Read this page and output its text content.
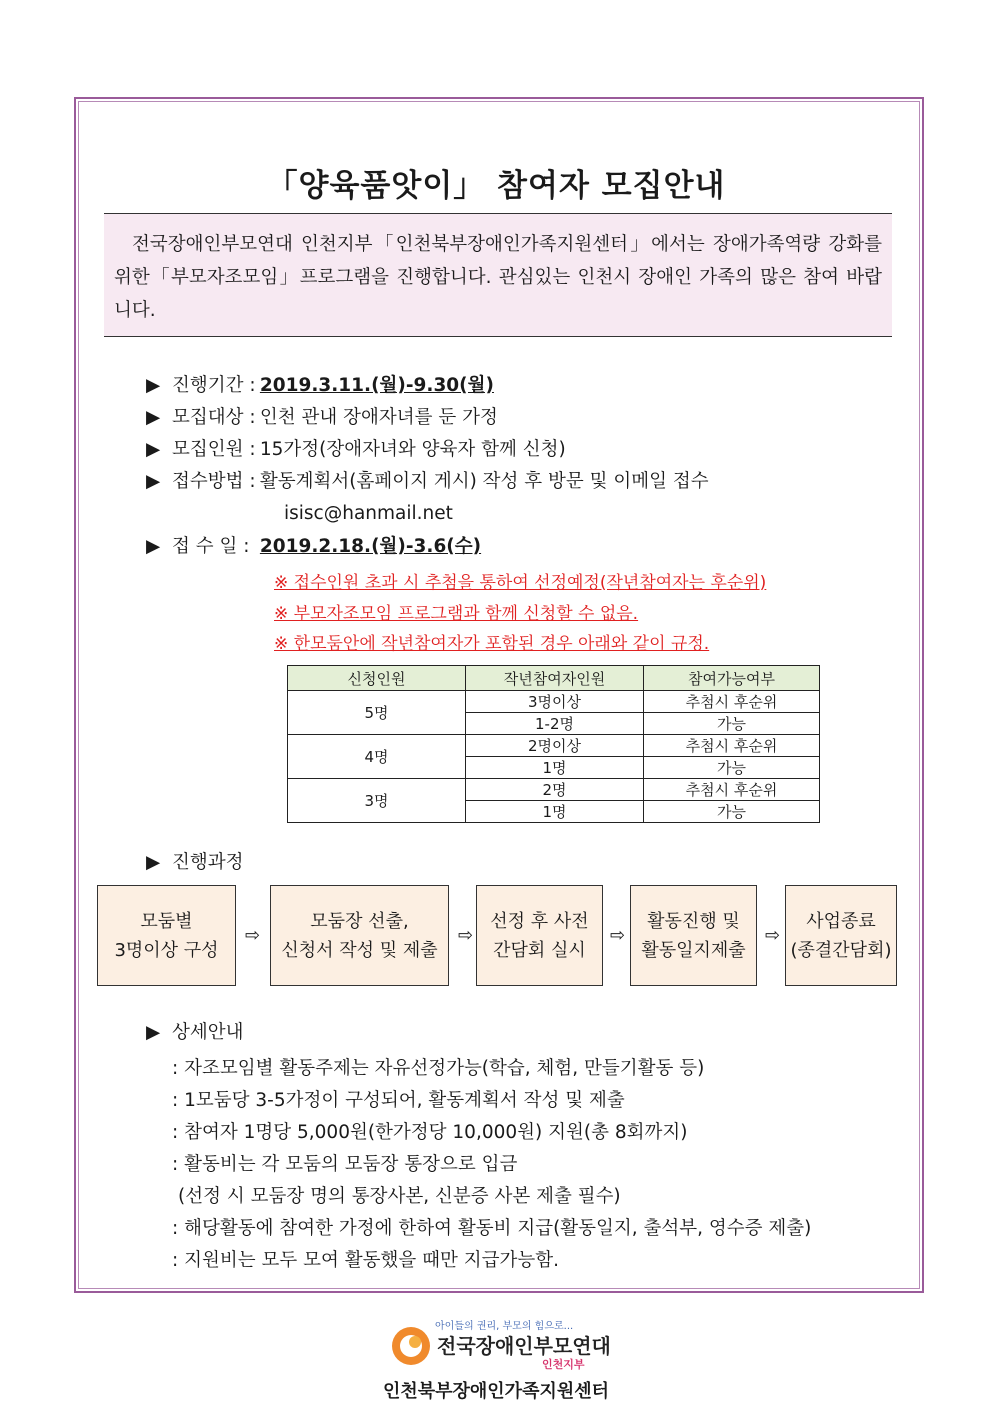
「양육품앗이」 참여자 모집안내
전국장애인부모연대 인천지부「인천북부장애인가족지원센터」에서는 장애가족역량 강화를 위한「부모자조모임」프로그램을 진행합니다. 관심있는 인천시 장애인 가족의 많은 참여 바랍니다.
▶ 진행기간 : 2019.3.11.(월)-9.30(월)
▶ 모집대상 : 인천 관내 장애자녀를 둔 가정
▶ 모집인원 : 15가정(장애자녀와 양육자 함께 신청)
▶ 접수방법 : 활동계획서(홈페이지 게시) 작성 후 방문 및 이메일 접수
isisc@hanmail.net
▶ 접 수 일 : 2019.2.18.(월)-3.6(수)
※ 접수인원 초과 시 추첨을 통하여 선정예정(작년참여자는 후순위)
※ 부모자조모임 프로그램과 함께 신청할 수 없음.
※ 한모둠안에 작년참여자가 포함된 경우 아래와 같이 규정.
신청인원	작년참여자인원	참여가능여부
5명	3명이상	추첨시 후순위
	1-2명	가능
4명	2명이상	추첨시 후순위
	1명	가능
3명	2명	추첨시 후순위
	1명	가능
▶ 진행과정
모둠별
3명이상 구성
⇨
모둠장 선출,
신청서 작성 및 제출
⇨
선정 후 사전
간담회 실시
⇨
활동진행 및
활동일지제출
⇨
사업종료
(종결간담회)
▶ 상세안내
: 자조모임별 활동주제는 자유선정가능(학습, 체험, 만들기활동 등)
: 1모둠당 3-5가정이 구성되어, 활동계획서 작성 및 제출
: 참여자 1명당 5,000원(한가정당 10,000원) 지원(총 8회까지)
: 활동비는 각 모둠의 모둠장 통장으로 입금
(선정 시 모둠장 명의 통장사본, 신분증 사본 제출 필수)
: 해당활동에 참여한 가정에 한하여 활동비 지급(활동일지, 출석부, 영수증 제출)
: 지원비는 모두 모여 활동했을 때만 지급가능함.
아이들의 권리, 부모의 힘으로...
전국장애인부모연대
인천지부
인천북부장애인가족지원센터
